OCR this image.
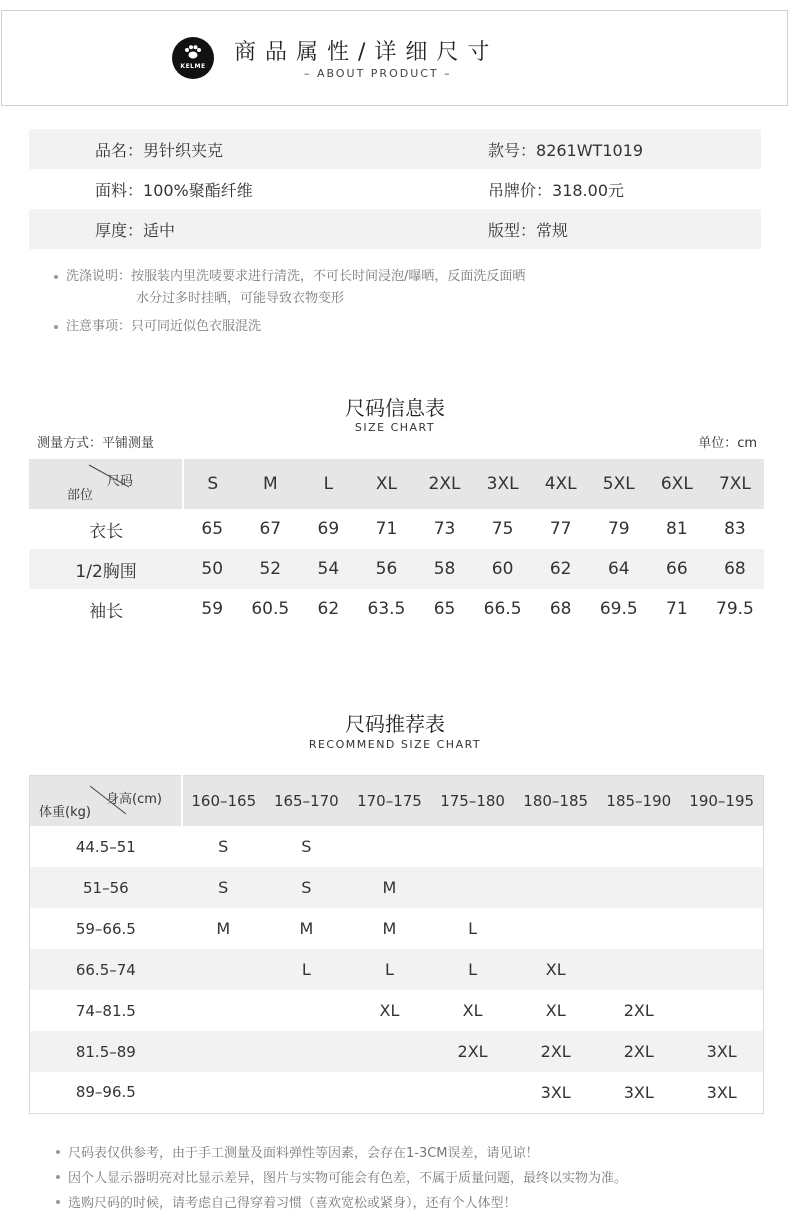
KELME
商品属性/详细尺寸
– ABOUT PRODUCT –
品名：男针织夹克	款号：8261WT1019
面料：100%聚酯纤维	吊牌价：318.00元
厚度：适中	版型：常规
洗涤说明：按服装内里洗唛要求进行清洗，不可长时间浸泡/曝晒，反面洗反面晒
水分过多时挂晒，可能导致衣物变形
注意事项：只可同近似色衣服混洗
尺码信息表
SIZE CHART
测量方式：平铺测量	单位：cm
尺码
部位	S	M	L	XL	2XL	3XL	4XL	5XL	6XL	7XL
衣长	65	67	69	71	73	75	77	79	81	83
1/2胸围	50	52	54	56	58	60	62	64	66	68
袖长	59	60.5	62	63.5	65	66.5	68	69.5	71	79.5
尺码推荐表
RECOMMEND SIZE CHART
身高(cm)
体重(kg)	160–165	165–170	170–175	175–180	180–185	185–190	190–195
44.5–51	S	S					
51–56	S	S	M				
59–66.5	M	M	M	L			
66.5–74		L	L	L	XL		
74–81.5			XL	XL	XL	2XL	
81.5–89				2XL	2XL	2XL	3XL
89–96.5					3XL	3XL	3XL
尺码表仅供参考，由于手工测量及面料弹性等因素，会存在1-3CM误差，请见谅！
因个人显示器明亮对比显示差异，图片与实物可能会有色差，不属于质量问题，最终以实物为准。
选购尺码的时候，请考虑自己得穿着习惯（喜欢宽松或紧身），还有个人体型！
